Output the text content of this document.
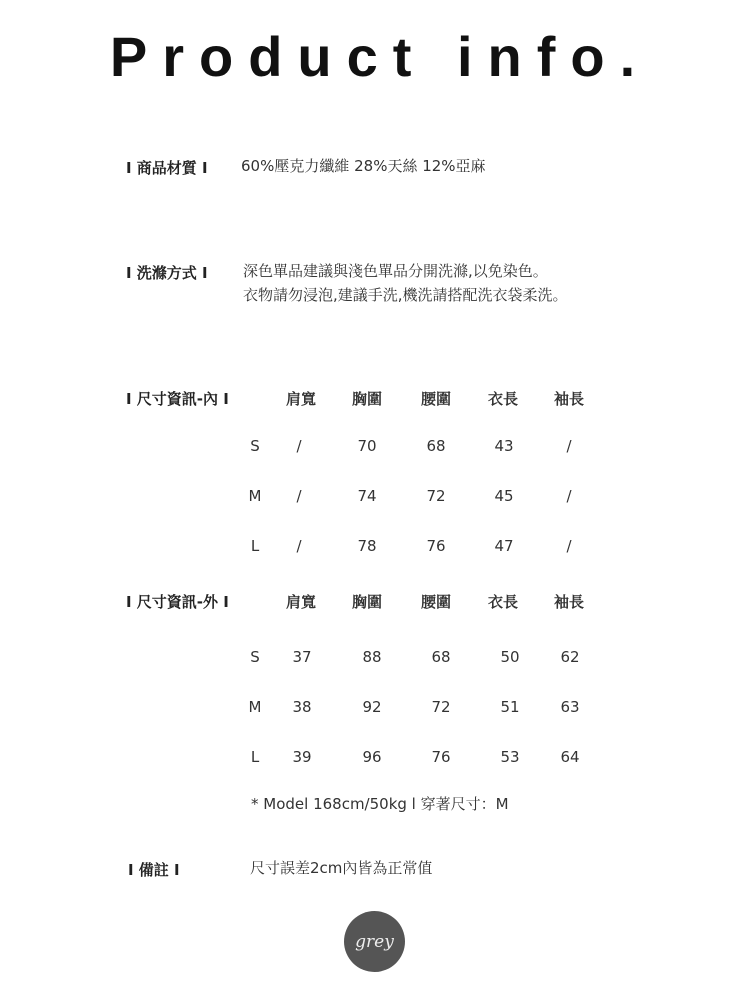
Product info.
I 商品材質 I 60%壓克力纖維 28%天絲 12%亞麻
I 洗滌方式 I 深色單品建議與淺色單品分開洗滌,以免染色。
衣物請勿浸泡,建議手洗,機洗請搭配洗衣袋柔洗。
I 尺寸資訊-內 I	肩寬 胸圍	腰圍 衣長 袖長
S /	70	68	43	/
M /	74	72	45	/
L /	78	76	47	/
I 尺寸資訊-外 I	肩寬 胸圍	腰圍 衣長 袖長
S 37	88	68	50	62
M 38	92	72	51	63
L 39	96	76	53	64
* Model 168cm/50kg l 穿著尺寸：M
I 備註 I	尺寸誤差2cm內皆為正常值
grey
